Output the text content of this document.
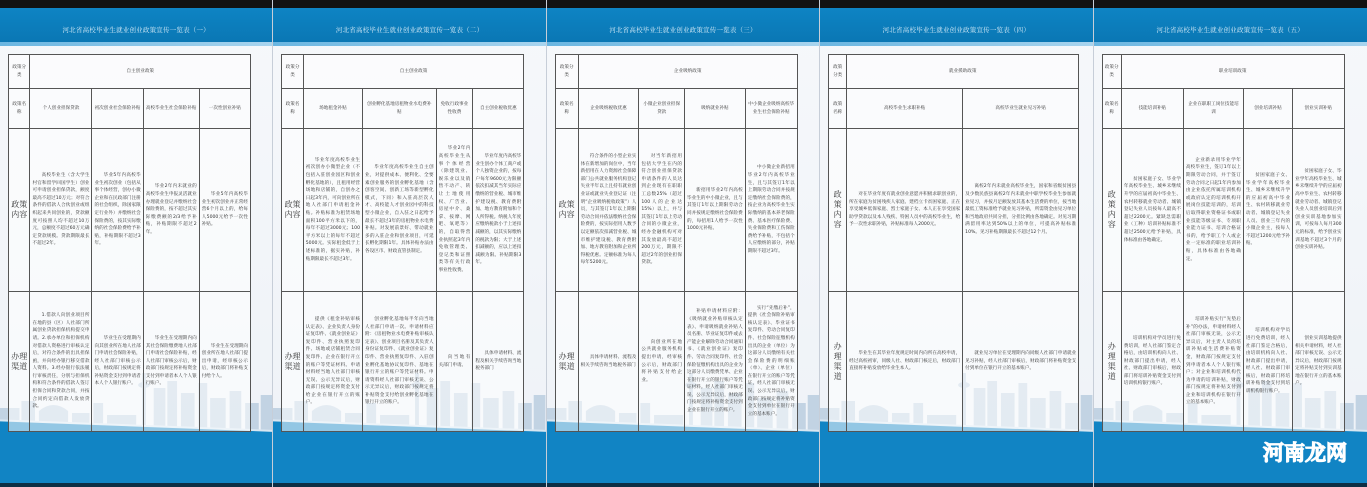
河北省高校毕业生就业创业政策宣传一览表（一）
政策分类	自主创业政策			
政策名称	个人创业担保贷款	初次创业社会保险补贴	高校毕业生社会保险补贴	一次性创业补贴
政策内容	高校毕业生（含大学生村官和留学回国学生）创业可申请创业担保贷款，额度最高不超过10万元；对符合条件的借款人合伙创业或组织起来共同创业的，贷款额度可按照人均不超过10万元，总额度不超过60万元确定贷款规模。贷款期限最长不超过2年。	毕业5年内高校毕业生初次创业（包括从事个体经营，创办小微企业和在民政部门注册的社会组织，除国家限定行业外）并缴纳社会保险费的，按其实际缴纳的社会保险费给予补贴，补贴期限不超过3年。	毕业2年内未就业的高校毕业生申报灵活就业办理就业登记并缴纳社会保险费的，按不超过其实际缴费额的2/3给予补贴，补贴期限不超过2年。	毕业5年内高校毕业生初次创业并正常经营6个月以上的，给每人5000元给予一次性补贴。
办理渠道	1.借款人向创业项目所在地的县（区）人社部门所属创业贷款担保机构提交申请。2.承办单位和担保机构对借款人资格进行审核认定后，对符合条件的出具担保函，并向经办银行移交借款人资料。3.经办银行依法履行审核责任，分别与担保机构和符合条件的借款人签订担保合同和贷款合同，并按合同约定向借款人发放贷款。	毕业生在受理期内向其创业所在地人社部门申请社会保险补贴，经人社部门审核公示后，财政部门按规定将补贴资金支付到申请者本人个人银行账户。	毕业生在受理期内向其社会保险缴费地人社部门申请社会保险补贴，经人社部门审核公示后，财政部门按规定将补贴资金支付到申请者本人个人银行账户。	毕业生在受理期向创业所在地人社部门提出申请，经审核公示后，财政部门将补贴支付给个人。
河北省高校毕业生就业创业政策宣传一览表（二）
政策分类	自主创业政策			
政策名称	场地租金补贴	创业孵化基地房租物业水电费补贴	免收行政事业性收费	自主创业税收优惠
政策内容	毕业年度高校毕业生初次创办小微型企业（不包括入驻创业园区和创业孵化基地的），且租用经营场地和店铺的，自创办之日起3年内，可向创业所在地人社部门申请租金补贴。补贴标准为租赁场地面积100平方米以下的，每年不超过3000元；100平方米以上的每年不超过5000元。实际租金低于上述标准的，据实补贴，补贴期限最长不超过3年。	毕业年度高校毕业生自主创业，对提供成本、便利化、全要素创业服务的创业孵化基地（含创客空间、创新工场等新型孵化模式，下同）和入驻高层次人才、高校能人才创业园中的科技型小微企业，自入驻之日起给予最长不超过3年的房租物业水电费补贴。对发展前景好、带动就业多的入驻企业和创业项目，可延长孵化期限1年。具体补贴办法由各设区市、财政直管县制定。	毕业2年内高校毕业生从事个体经营（除建筑业、娱乐业以及销售不动产、转让土地使用权、广告业、房屋中介、桑拿、按摩、网吧、氧吧等）的，自取得营业执照起3年内免收管理类、登记类和证照类等有关行政事业性收费。	毕业年度内高校毕业生创办个体工商户或个人独资企业的，按每户每年9600元为限额依次扣减其当年实际应缴纳的营业税、城市维护建设税、教育费附加、地方教育附加和个人所得税。纳税人年度应缴纳税款小于上述扣减额的，以其实际缴纳的税款为限；大于上述扣减额的，应以上述扣减额为限。补贴期限3年。
办理渠道	提供《租金补贴审核认定表》、企业负责人身份证复印件、《就业创业证》复印件、营业执照复印件、场地或店铺租赁合同复印件、企业在银行开立的账户等凭证材料。申请材料经当地人社部门审核无误、公示无异议后，财政部门按规定将资金支付给企业在银行开立的账户。	创业孵化基地每半年向当地人社部门申请一次。申请材料应附：《房租物业水电费补贴审核认定表》、创业项目名册及其负责人身份证复印件、《就业创业证》复印件、营业执照复印件、入驻创业孵化基地协议复印件、基地在银行开立的账户等凭证材料。申请资料经人社部门审核无误、公示无异议后，财政部门按规定将补贴资金支付给创业孵化基地在银行开立的账户。	向当地有关部门申请。	具体申请材料、流程及相关手续咨询当地税务部门
河北省高校毕业生就业创业政策宣传一览表（三）
政策分类	企业吸纳政策			
政策名称	企业吸纳税收优惠	小微企业创业担保贷款	吸纳就业补贴	中小微企业吸纳高校毕业生社会保险补贴
政策内容	符合条件的小型企业实体在新增加的岗位中，当年新招用在人力资源社会保障部门公共就业服务机构登记失业半年以上且持有就业创业证或就业失业登记证（注明“企业吸纳税收政策”）人员，与其签订1年以上期限劳动合同并依法缴纳社会保险费的，按实际招用人数予以定额依次扣减营业税、城市维护建设税、教育费附加、地方教育附加和企业所得税优惠。定额标准为每人每年5200元。	对当年新招用包括大学生在内的符合创业担保贷款申请条件的人员达到企业现有在职职工总数25%（超过100人的企业达15%）以上，并与其签订1年以上劳动合同的小微企业，经办金融机构可对其发放最高不超过200万元，期限不超过2年的创业担保贷款。	新招用毕业2年内高校毕业生的中小微企业，且与其签订1年以上期限劳动合同并按规定缴纳社会保险费的，每招用1人给予一次性1000元补贴。	中小微企业新招用毕业2年内高校毕业生，且与其签订1年以上期限劳动合同并按规定缴纳社会保险费的，按企业为高校毕业生实际缴纳的基本养老保险费、基本医疗保险费、失业保险费和工伤保险费给予补贴，不包括个人应缴纳的部分，补贴期限不超过3年。
办理渠道	具体申请材料、流程及相关手续咨询当地税务部门	向创业所在地公共就业服务机构提出申请，经审核公示后，财政部门将补贴支付给企业。	补贴申请材料应附：《吸纳就业补贴审核认定表》、申请吸纳就业补贴人员名册、毕业证复印件或去产能企业解除劳动合同通知书、《就业创业证》复印件、劳动合同复印件、社会保险征缴机构出具的企业为这部分人员缴费凭单、企业在银行开立的银行账户等凭证材料。经人社部门审核无误、公示无异议后，财政部门按规定将补贴资金支付到企业在银行开立的账户。	实行“先缴后补”，提供《社会保险补贴审核认定表》、毕业证书复印件、劳动合同复印件、社会保险征缴机构出具的企业（单位）为这部分人员缴纳有关社会保险费的明细账（单）、企业（单位）在银行开立的账户等凭证，经人社部门审核无误、公示无异议后，财政部门按规定将补贴资金支付到单位在银行开立的基本账户。
河北省高校毕业生就业创业政策宣传一览表（四）
政策分类	就业援助政策	
政策名称	高校毕业生求职补贴	高校毕业生就业见习补贴
政策内容	对在毕业年度有就业创业意愿并积极求职创业的，所在家庭为贫困残疾人家庭、建档立卡贫困家庭、正在享受城乡低保家庭、烈士家庭子女、本人正在享受国家助学贷款以及本人残疾、特困人员中的高校毕业生，给予一次性求职补贴，补贴标准每人2000元。	离校2年内未就业高校毕业生，国家和省级贫困县及少数民族县离校2年内未就业中职学校毕业生参加就业见习，并按月足额发放其基本生活费的单位，按当地最低工资标准给予就业见习补贴，所需资金由见习单位和当地政府共同分担，分担比例由各地确定。对见习期满留用率达到50%以上的单位，可提高补贴标准10%。见习补贴期限最长不超过12个月。
办理渠道	毕业生在其毕业年度规定时间内向所在高校申请，经过高校初审，同级人社、财政部门核定后，财政部门直接将补贴发放给毕业生本人。	就业见习单位在受理期内向同级人社部门申请就业见习补贴，经人社部门审核后，财政部门将补贴资金支付到单位在银行开立的基本账户。
河北省高校毕业生就业创业政策宣传一览表（五）
政策分类	职业培训政策			
政策名称	技能培训补贴	企业在职职工岗位技能培训	创业培训补贴	创业实训补贴
政策内容	贫困家庭子女、毕业学年高校毕业生、城乡未继续升学的应届初高中毕业生、农村转移就业劳动者、城镇登记失业人员按每人最高不超过2200元。紧缺急需职业（工种）培训补贴标准不超过2500元给予补贴，具体标准由各地确定。	企业新录用毕业学年高校毕业生，签订1年以上期限劳动合同，并于签订劳动合同之日起1年内参加由企业依托所属培训机构或政府认定的培训机构开展岗位技能培训的，培训后取得职业资格证书或职业技能等级证书、专项职业能力证书、培训合格证书的，给予职工个人或企业一定标准的职业培训补贴，具体标准由各地确定。	贫困家庭子女、毕业学年高校毕业生、城乡未继续升学的应届初高中毕业生、农村转移就业劳动者、城镇登记失业人员、创业三年内的小微企业主，按每人不超过1200元给予补贴。	贫困家庭子女、毕业学年高校毕业生、城乡未继续升学的应届初高中毕业生、农村转移就业劳动者、城镇登记失业人员创业培训后到创业实训基地参加实训，可按每人每月300元的标准，给予创业实训基地不超过3个月的创业实训补贴。
办理渠道	培训机构对学员进行免费培训，经人社部门鉴定合格后，由培训机构向人社、财政部门提出申请，经人社、财政部门审核后，财政部门将培训补贴资金支付到培训机构银行账户。	培训补贴实行“先垫后补”的办法，申请材料经人社部门审核无误，公示无异议后，对主责人员的培训补贴或生活费补贴资金，财政部门按规定支付到申请者本人个人银行账户；对企业和培训机构代为申请的培训补贴，财政部门按规定将补贴支付到企业和培训机构在银行开立的基本账户。	培训机构对学员进行免费培训，经人社部门鉴定合格后，由培训机构向人社、财政部门提出申请，经人社、财政部门审核后，财政部门将培训补贴资金支付到培训机构银行账户。	创业实训基地提供相关申请材料，经人社部门审核无误、公示无异议后，财政部门按规定将补贴支付到实训基地在银行开立的基本账户。
河南龙网
